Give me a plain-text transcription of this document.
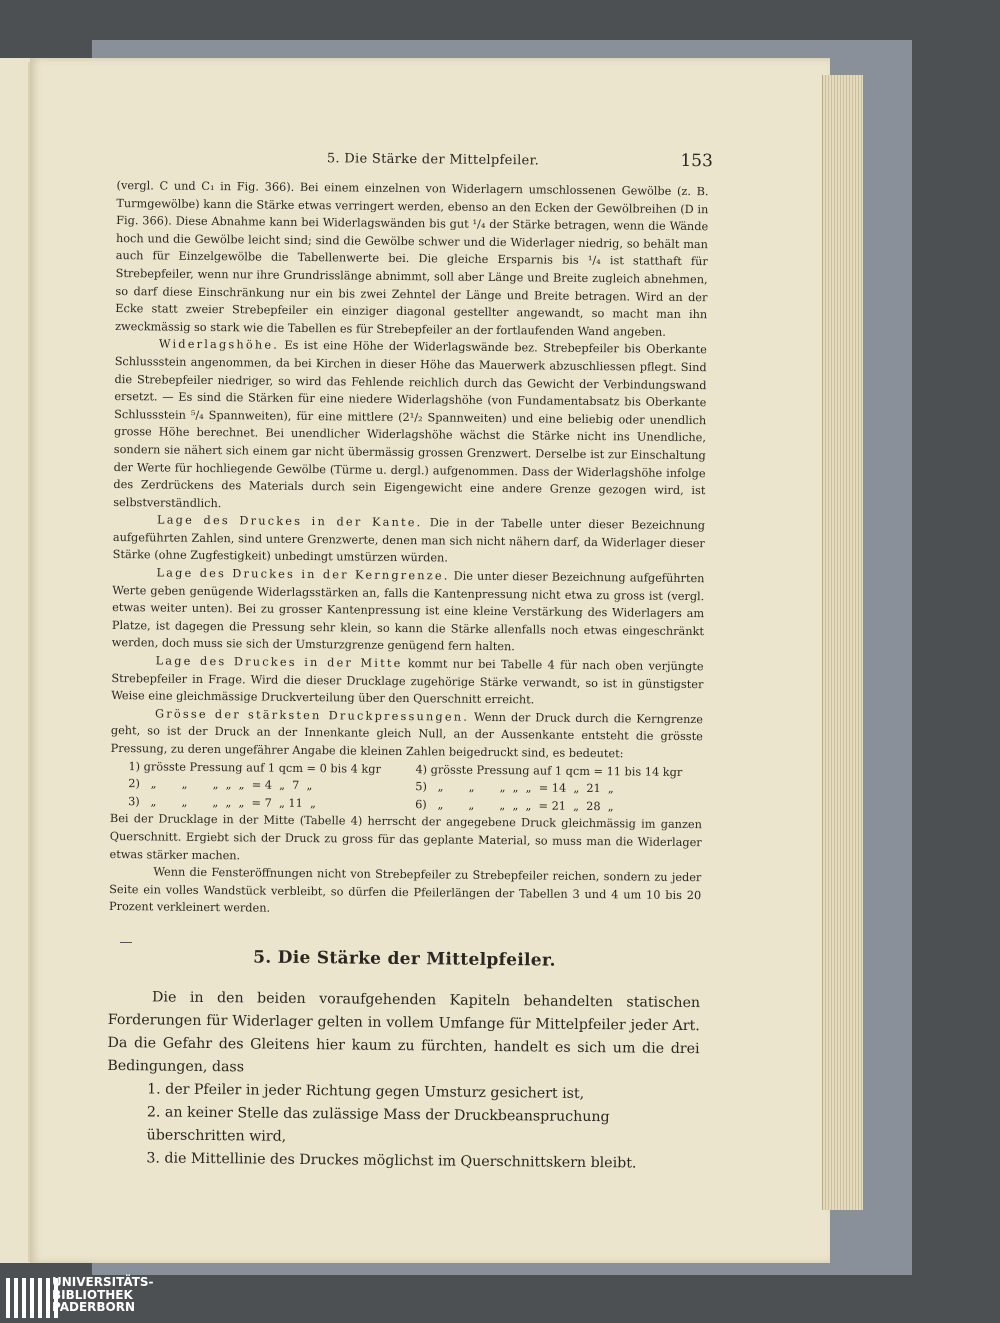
5. Die Stärke der Mittelpfeiler.	153

(vergl. C und C₁ in Fig. 366). Bei einem einzelnen von Widerlagern umschlossenen Gewölbe (z. B. Turmgewölbe) kann die Stärke etwas verringert werden, ebenso an den Ecken der Gewölbreihen (D in Fig. 366). Diese Abnahme kann bei Widerlagswänden bis gut ¹/₄ der Stärke betragen, wenn die Wände hoch und die Gewölbe leicht sind; sind die Gewölbe schwer und die Widerlager niedrig, so behält man auch für Einzelgewölbe die Tabellenwerte bei. Die gleiche Ersparnis bis ¹/₄ ist statthaft für Strebepfeiler, wenn nur ihre Grundrisslänge abnimmt, soll aber Länge und Breite zugleich abnehmen, so darf diese Einschränkung nur ein bis zwei Zehntel der Länge und Breite betragen. Wird an der Ecke statt zweier Strebepfeiler ein einziger diagonal gestellter angewandt, so macht man ihn zweckmässig so stark wie die Tabellen es für Strebepfeiler an der fortlaufenden Wand angeben.

Widerlagshöhe. Es ist eine Höhe der Widerlagswände bez. Strebepfeiler bis Oberkante Schlussstein angenommen, da bei Kirchen in dieser Höhe das Mauerwerk abzuschliessen pflegt. Sind die Strebepfeiler niedriger, so wird das Fehlende reichlich durch das Gewicht der Verbindungswand ersetzt. — Es sind die Stärken für eine niedere Widerlagshöhe (von Fundamentabsatz bis Oberkante Schlussstein ⁵/₄ Spannweiten), für eine mittlere (2¹/₂ Spannweiten) und eine beliebig oder unendlich grosse Höhe berechnet. Bei unendlicher Widerlagshöhe wächst die Stärke nicht ins Unendliche, sondern sie nähert sich einem gar nicht übermässig grossen Grenzwert. Derselbe ist zur Einschaltung der Werte für hochliegende Gewölbe (Türme u. dergl.) aufgenommen. Dass der Widerlagshöhe infolge des Zerdrückens des Materials durch sein Eigengewicht eine andere Grenze gezogen wird, ist selbstverständlich.

Lage des Druckes in der Kante. Die in der Tabelle unter dieser Bezeichnung aufgeführten Zahlen, sind untere Grenzwerte, denen man sich nicht nähern darf, da Widerlager dieser Stärke (ohne Zugfestigkeit) unbedingt umstürzen würden.

Lage des Druckes in der Kerngrenze. Die unter dieser Bezeichnung aufgeführten Werte geben genügende Widerlagsstärken an, falls die Kantenpressung nicht etwa zu gross ist (vergl. etwas weiter unten). Bei zu grosser Kantenpressung ist eine kleine Verstärkung des Widerlagers am Platze, ist dagegen die Pressung sehr klein, so kann die Stärke allenfalls noch etwas eingeschränkt werden, doch muss sie sich der Umsturzgrenze genügend fern halten.

Lage des Druckes in der Mitte kommt nur bei Tabelle 4 für nach oben verjüngte Strebepfeiler in Frage. Wird die dieser Drucklage zugehörige Stärke verwandt, so ist in günstigster Weise eine gleichmässige Druckverteilung über den Querschnitt erreicht.

Grösse der stärksten Druckpressungen. Wenn der Druck durch die Kerngrenze geht, so ist der Druck an der Innenkante gleich Null, an der Aussenkante entsteht die grösste Pressung, zu deren ungefährer Angabe die kleinen Zahlen beigedruckt sind, es bedeutet:

1) grösste Pressung auf 1 qcm = 0 bis 4 kgr	4) grösste Pressung auf 1 qcm = 11 bis 14 kgr
2)   „       „       „  „  „  = 4  „  7  „	5)   „       „       „  „  „  = 14  „  21  „
3)   „       „       „  „  „  = 7  „ 11  „	6)   „       „       „  „  „  = 21  „  28  „

Bei der Drucklage in der Mitte (Tabelle 4) herrscht der angegebene Druck gleichmässig im ganzen Querschnitt. Ergiebt sich der Druck zu gross für das geplante Material, so muss man die Widerlager etwas stärker machen.

Wenn die Fensteröffnungen nicht von Strebepfeiler zu Strebepfeiler reichen, sondern zu jeder Seite ein volles Wandstück verbleibt, so dürfen die Pfeilerlängen der Tabellen 3 und 4 um 10 bis 20 Prozent verkleinert werden.

5. Die Stärke der Mittelpfeiler.

Die in den beiden voraufgehenden Kapiteln behandelten statischen Forderungen für Widerlager gelten in vollem Umfange für Mittelpfeiler jeder Art. Da die Gefahr des Gleitens hier kaum zu fürchten, handelt es sich um die drei Bedingungen, dass

1. der Pfeiler in jeder Richtung gegen Umsturz gesichert ist,
2. an keiner Stelle das zulässige Mass der Druckbeanspruchung überschritten wird,
3. die Mittellinie des Druckes möglichst im Querschnittskern bleibt.
UNIVERSITÄTS-
BIBLIOTHEK
PADERBORN
